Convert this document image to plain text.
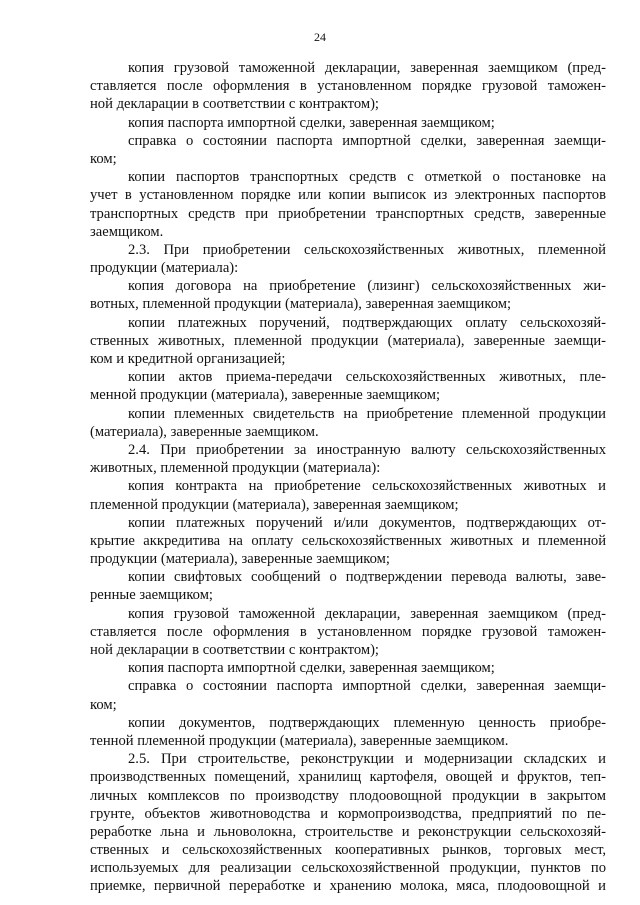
24
копия грузовой таможенной декларации, заверенная заемщиком (пред-
ставляется после оформления в установленном порядке грузовой таможен-
ной декларации в соответствии с контрактом);
копия паспорта импортной сделки, заверенная заемщиком;
справка о состоянии паспорта импортной сделки, заверенная заемщи-
ком;
копии паспортов транспортных средств с отметкой о постановке на
учет в установленном порядке или копии выписок из электронных паспортов
транспортных средств при приобретении транспортных средств, заверенные
заемщиком.
2.3. При приобретении сельскохозяйственных животных, племенной
продукции (материала):
копия договора на приобретение (лизинг) сельскохозяйственных жи-
вотных, племенной продукции (материала), заверенная заемщиком;
копии платежных поручений, подтверждающих оплату сельскохозяй-
ственных животных, племенной продукции (материала), заверенные заемщи-
ком и кредитной организацией;
копии актов приема-передачи сельскохозяйственных животных, пле-
менной продукции (материала), заверенные заемщиком;
копии племенных свидетельств на приобретение племенной продукции
(материала), заверенные заемщиком.
2.4. При приобретении за иностранную валюту сельскохозяйственных
животных, племенной продукции (материала):
копия контракта на приобретение сельскохозяйственных животных и
племенной продукции (материала), заверенная заемщиком;
копии платежных поручений и/или документов, подтверждающих от-
крытие аккредитива на оплату сельскохозяйственных животных и племенной
продукции (материала), заверенные заемщиком;
копии свифтовых сообщений о подтверждении перевода валюты, заве-
ренные заемщиком;
копия грузовой таможенной декларации, заверенная заемщиком (пред-
ставляется после оформления в установленном порядке грузовой таможен-
ной декларации в соответствии с контрактом);
копия паспорта импортной сделки, заверенная заемщиком;
справка о состоянии паспорта импортной сделки, заверенная заемщи-
ком;
копии документов, подтверждающих племенную ценность приобре-
тенной племенной продукции (материала), заверенные заемщиком.
2.5. При строительстве, реконструкции и модернизации складских и
производственных помещений, хранилищ картофеля, овощей и фруктов, теп-
личных комплексов по производству плодоовощной продукции в закрытом
грунте, объектов животноводства и кормопроизводства, предприятий по пе-
реработке льна и льноволокна, строительстве и реконструкции сельскохозяй-
ственных и сельскохозяйственных кооперативных рынков, торговых мест,
используемых для реализации сельскохозяйственной продукции, пунктов по
приемке, первичной переработке и хранению молока, мяса, плодоовощной и
